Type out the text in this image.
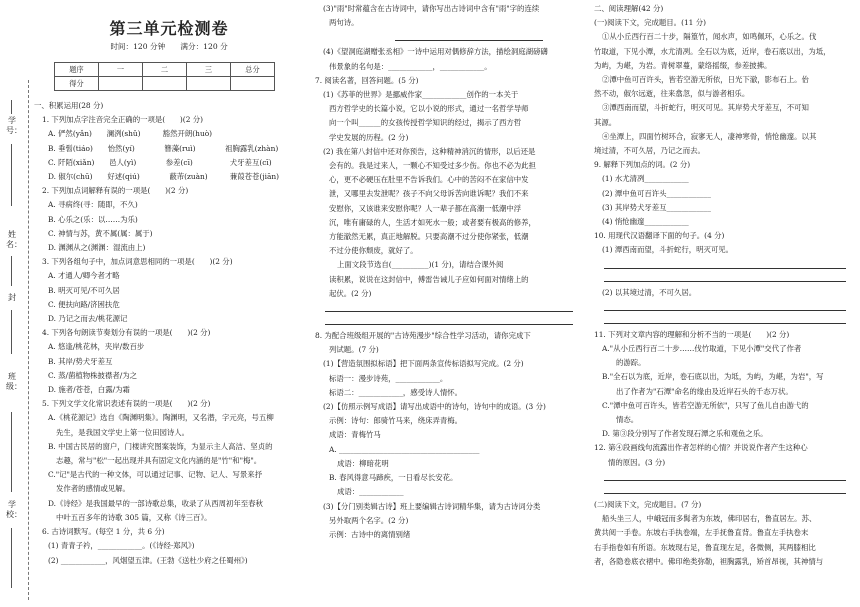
学号：
姓名：
封
班级：
学校：
第三单元检测卷
时间：120 分钟　　满分：120 分
题序	一	二	三	总分
得分				
一、积累运用(28 分)
1. 下列加点字注音完全正确的一项是(　　)(2 分)
A. 俨然(yǎn)　　澜洌(shǔ)　　　豁然开朗(huò)
B. 垂髫(tiáo)　　怡然(yí)　　　　簪藻(ruì)　　　　祖胸露乳(zhàn)
C. 阡陌(xiǎn)　　邑人(yì)　　　　参差(cī)　　　　　犬牙差互(cī)
D. 俶尔(chū)　　好逑(qiú)　　　　蔽芾(zuàn)　　　蒹葭苍苍(jiān)
2. 下列加点词解释有误的一项是(　　)(2 分)
A. 寻病终(寻：随即，不久)
B. 心乐之(乐：以……为乐)
C. 神情与苏，黄不属(属：属于)
D. 渊渊从之(渊渊：湿流由上)
3. 下列各组句子中，加点词意思相同的一项是(　　)(2 分)
A. 才通人/卿今者才略
B. 明灭可见/不可久居
C. 便扶向路/济困扶危
D. 乃记之而去/桃花源记
4. 下列各句朗读节奏划分有误的一项是(　　)(2 分)
A. 悠逢/桃花林，夹岸/数百步
B. 其岸/势犬牙差互
C. 蒸/菌植物株披襟者/为之
D. 施者/苍苍，白露/为霜
5. 下列文学文化常识表述有误的一项是(　　)(2 分)
A.《桃花源记》选自《陶渊明集》。陶渊明，又名潜，字元亮，号五柳
先生，是我国文学史上第一位田园诗人。
B. 中国古民居的窗户，门楼讲究图案装饰，为显示主人高洁、坚贞的
志趣，常与"松"一起出现并具有固定文化内涵的是"竹"和"梅"。
C."记"是古代的一种文体，可以通过记事、记物、记人、写景来抒
发作者的感情或见解。
D.《诗经》是我国最早的一部诗歌总集，收录了从西周初年至春秋
中叶五百多年的诗歌 305 篇，又称《诗三百》。
6. 古诗词默写。(每空 1 分，共 6 分)
(1) 青青子衿，____________。(《诗经·郑风》)
(2) ____________，风烟望五津。(王勃《送杜少府之任蜀州》)
(3)"雨"时常蕴含在古诗词中，请你写出古诗词中含有"雨"字的连续
两句诗。
(4)《望洞庭湖赠张丞相》一诗中运用对偶修辞方法，描绘洞庭湖磅礴
伟景象的名句是：____________，____________。
7. 阅读名著，回答问题。(5 分)
(1)《苏菲的世界》是挪威作家____________创作的一本关于
西方哲学史的长篇小说，它以小说的形式，通过一名哲学导师
向一个叫______的女孩传授哲学知识的经过，揭示了西方哲
学史发展的历程。(2 分)
(2) 我在第八封信中还对你预告，这种精神消沉的情形，以后还是
会有的。我是过来人，一颗心不知受过多少伤。你也不必为此担
心，更不必硬压在肚里不告诉我们。心中的苦闷不在家信中发
泄，又哪里去发泄呢？孩子不向父母诉苦向谁诉呢？我们不来
安慰你，又该谁来安慰你呢？人一辈子都在高潮一低潮中浮
沉，唯有庸碌的人，生活才如死水一般；或者要有极高的修养，
方能澈然无累，真正地解脱。只要高潮不过分使你紧张，低潮
不过分使你颓废，就好了。
上面文段节选自(__________)(1 分)，请结合课外阅
读积累，说说在这封信中，傅雷告诫儿子应如何面对情绪上的
起伏。(2 分)
8. 为配合班级组开展的"古诗苑漫步"综合性学习活动，请你完成下
列试题。(7 分)
(1)【营造氛围拟标语】把下面两条宣传标语拟写完成。(2 分)
标语一：漫步诗苑，____________。
标语二：____________，感受诗人情怀。
(2)【仿照示例写成语】请写出成语中的诗句，诗句中的成语。(3 分)
示例：诗句：郎骑竹马来，绕床弄青梅。
成语：青梅竹马
A. ______________________________________
成语：柳暗花明
B. 春风得意马蹄疾，一日看尽长安花。
成语：____________
(3)【分门别类辑古诗】班上要编辑古诗词精华集，请为古诗词分类
另外取两个名字。(2 分)
示例：古诗中的离情别绪
二、阅读理解(42 分)
(一)阅读下文，完成题目。(11 分)
①从小丘西行百二十步，隔篁竹，闻水声，如鸣佩环，心乐之。伐
竹取道，下见小潭，水尤清冽。全石以为底，近岸，卷石底以出，为坻，
为屿，为嵁，为岩。青树翠蔓，蒙络摇缀，参差披拂。
②潭中鱼可百许头，皆若空游无所依，日光下澈，影布石上。佁
然不动，俶尔远逝，往来翕忽，似与游者相乐。
③潭西南而望，斗折蛇行，明灭可见。其岸势犬牙差互，不可知
其源。
④坐潭上，四面竹树环合，寂寥无人，凄神寒骨，悄怆幽邃。以其
境过清，不可久居，乃记之而去。
9. 解释下列加点的词。(2 分)
(1) 水尤清冽____________
(2) 潭中鱼可百许头____________
(3) 其岸势犬牙差互____________
(4) 悄怆幽邃____________
10. 用现代汉语翻译下面的句子。(4 分)
(1) 潭西南而望，斗折蛇行，明灭可见。
(2) 以其境过清，不可久居。
11. 下列对文章内容的理解和分析不当的一项是(　　)(2 分)
A."从小丘西行百二十步……伐竹取道，下见小潭"交代了作者
的游踪。
B."全石以为底，近岸，卷石底以出，为坻，为屿，为嵁，为岩"，写
出了作者为"石潭"命名的缘由及近岸石头的千态万状。
C."潭中鱼可百许头，皆若空游无所依"，只写了鱼儿自由游弋的
情态。
D. 第③段分别写了作者发现石潭之乐和观鱼之乐。
12. 第④段画线句流露出作者怎样的心情？并说说作者产生这种心
情的原因。(3 分)
(二)阅读下文，完成题目。(7 分)
船头坐三人，中峨冠而多髯者为东坡，佛印居右，鲁直居左。苏、
黄共阅一手卷。东坡右手执卷端，左手抚鲁直背。鲁直左手执卷末
右手指卷如有所语。东坡现右足，鲁直现左足，各微侧，其两膝相比
者，各隐卷底衣褶中。佛印绝类弥勒，袒胸露乳，矫首昂视，其神情与
